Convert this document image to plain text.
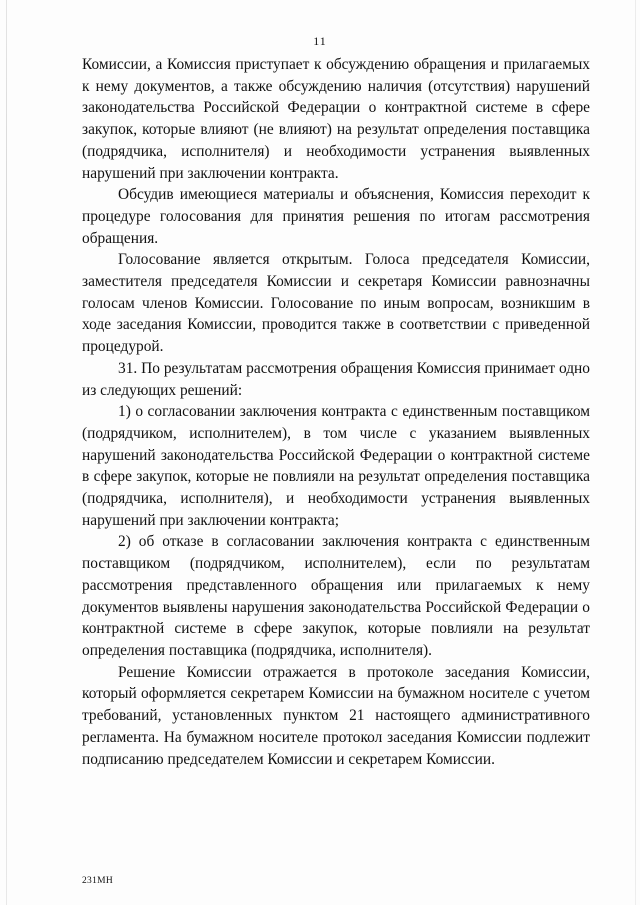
11

Комиссии, а Комиссия приступает к обсуждению обращения и прилагаемых к нему документов, а также обсуждению наличия (отсутствия) нарушений законодательства Российской Федерации о контрактной системе в сфере закупок, которые влияют (не влияют) на результат определения поставщика (подрядчика, исполнителя) и необходимости устранения выявленных нарушений при заключении контракта.

Обсудив имеющиеся материалы и объяснения, Комиссия переходит к процедуре голосования для принятия решения по итогам рассмотрения обращения.

Голосование является открытым. Голоса председателя Комиссии, заместителя председателя Комиссии и секретаря Комиссии равнозначны голосам членов Комиссии. Голосование по иным вопросам, возникшим в ходе заседания Комиссии, проводится также в соответствии с приведенной процедурой.

31. По результатам рассмотрения обращения Комиссия принимает одно из следующих решений:

1) о согласовании заключения контракта с единственным поставщиком (подрядчиком, исполнителем), в том числе с указанием выявленных нарушений законодательства Российской Федерации о контрактной системе в сфере закупок, которые не повлияли на результат определения поставщика (подрядчика, исполнителя), и необходимости устранения выявленных нарушений при заключении контракта;

2) об отказе в согласовании заключения контракта с единственным поставщиком (подрядчиком, исполнителем), если по результатам рассмотрения представленного обращения или прилагаемых к нему документов выявлены нарушения законодательства Российской Федерации о контрактной системе в сфере закупок, которые повлияли на результат определения поставщика (подрядчика, исполнителя).

Решение Комиссии отражается в протоколе заседания Комиссии, который оформляется секретарем Комиссии на бумажном носителе с учетом требований, установленных пунктом 21 настоящего административного регламента. На бумажном носителе протокол заседания Комиссии подлежит подписанию председателем Комиссии и секретарем Комиссии.

231МН
